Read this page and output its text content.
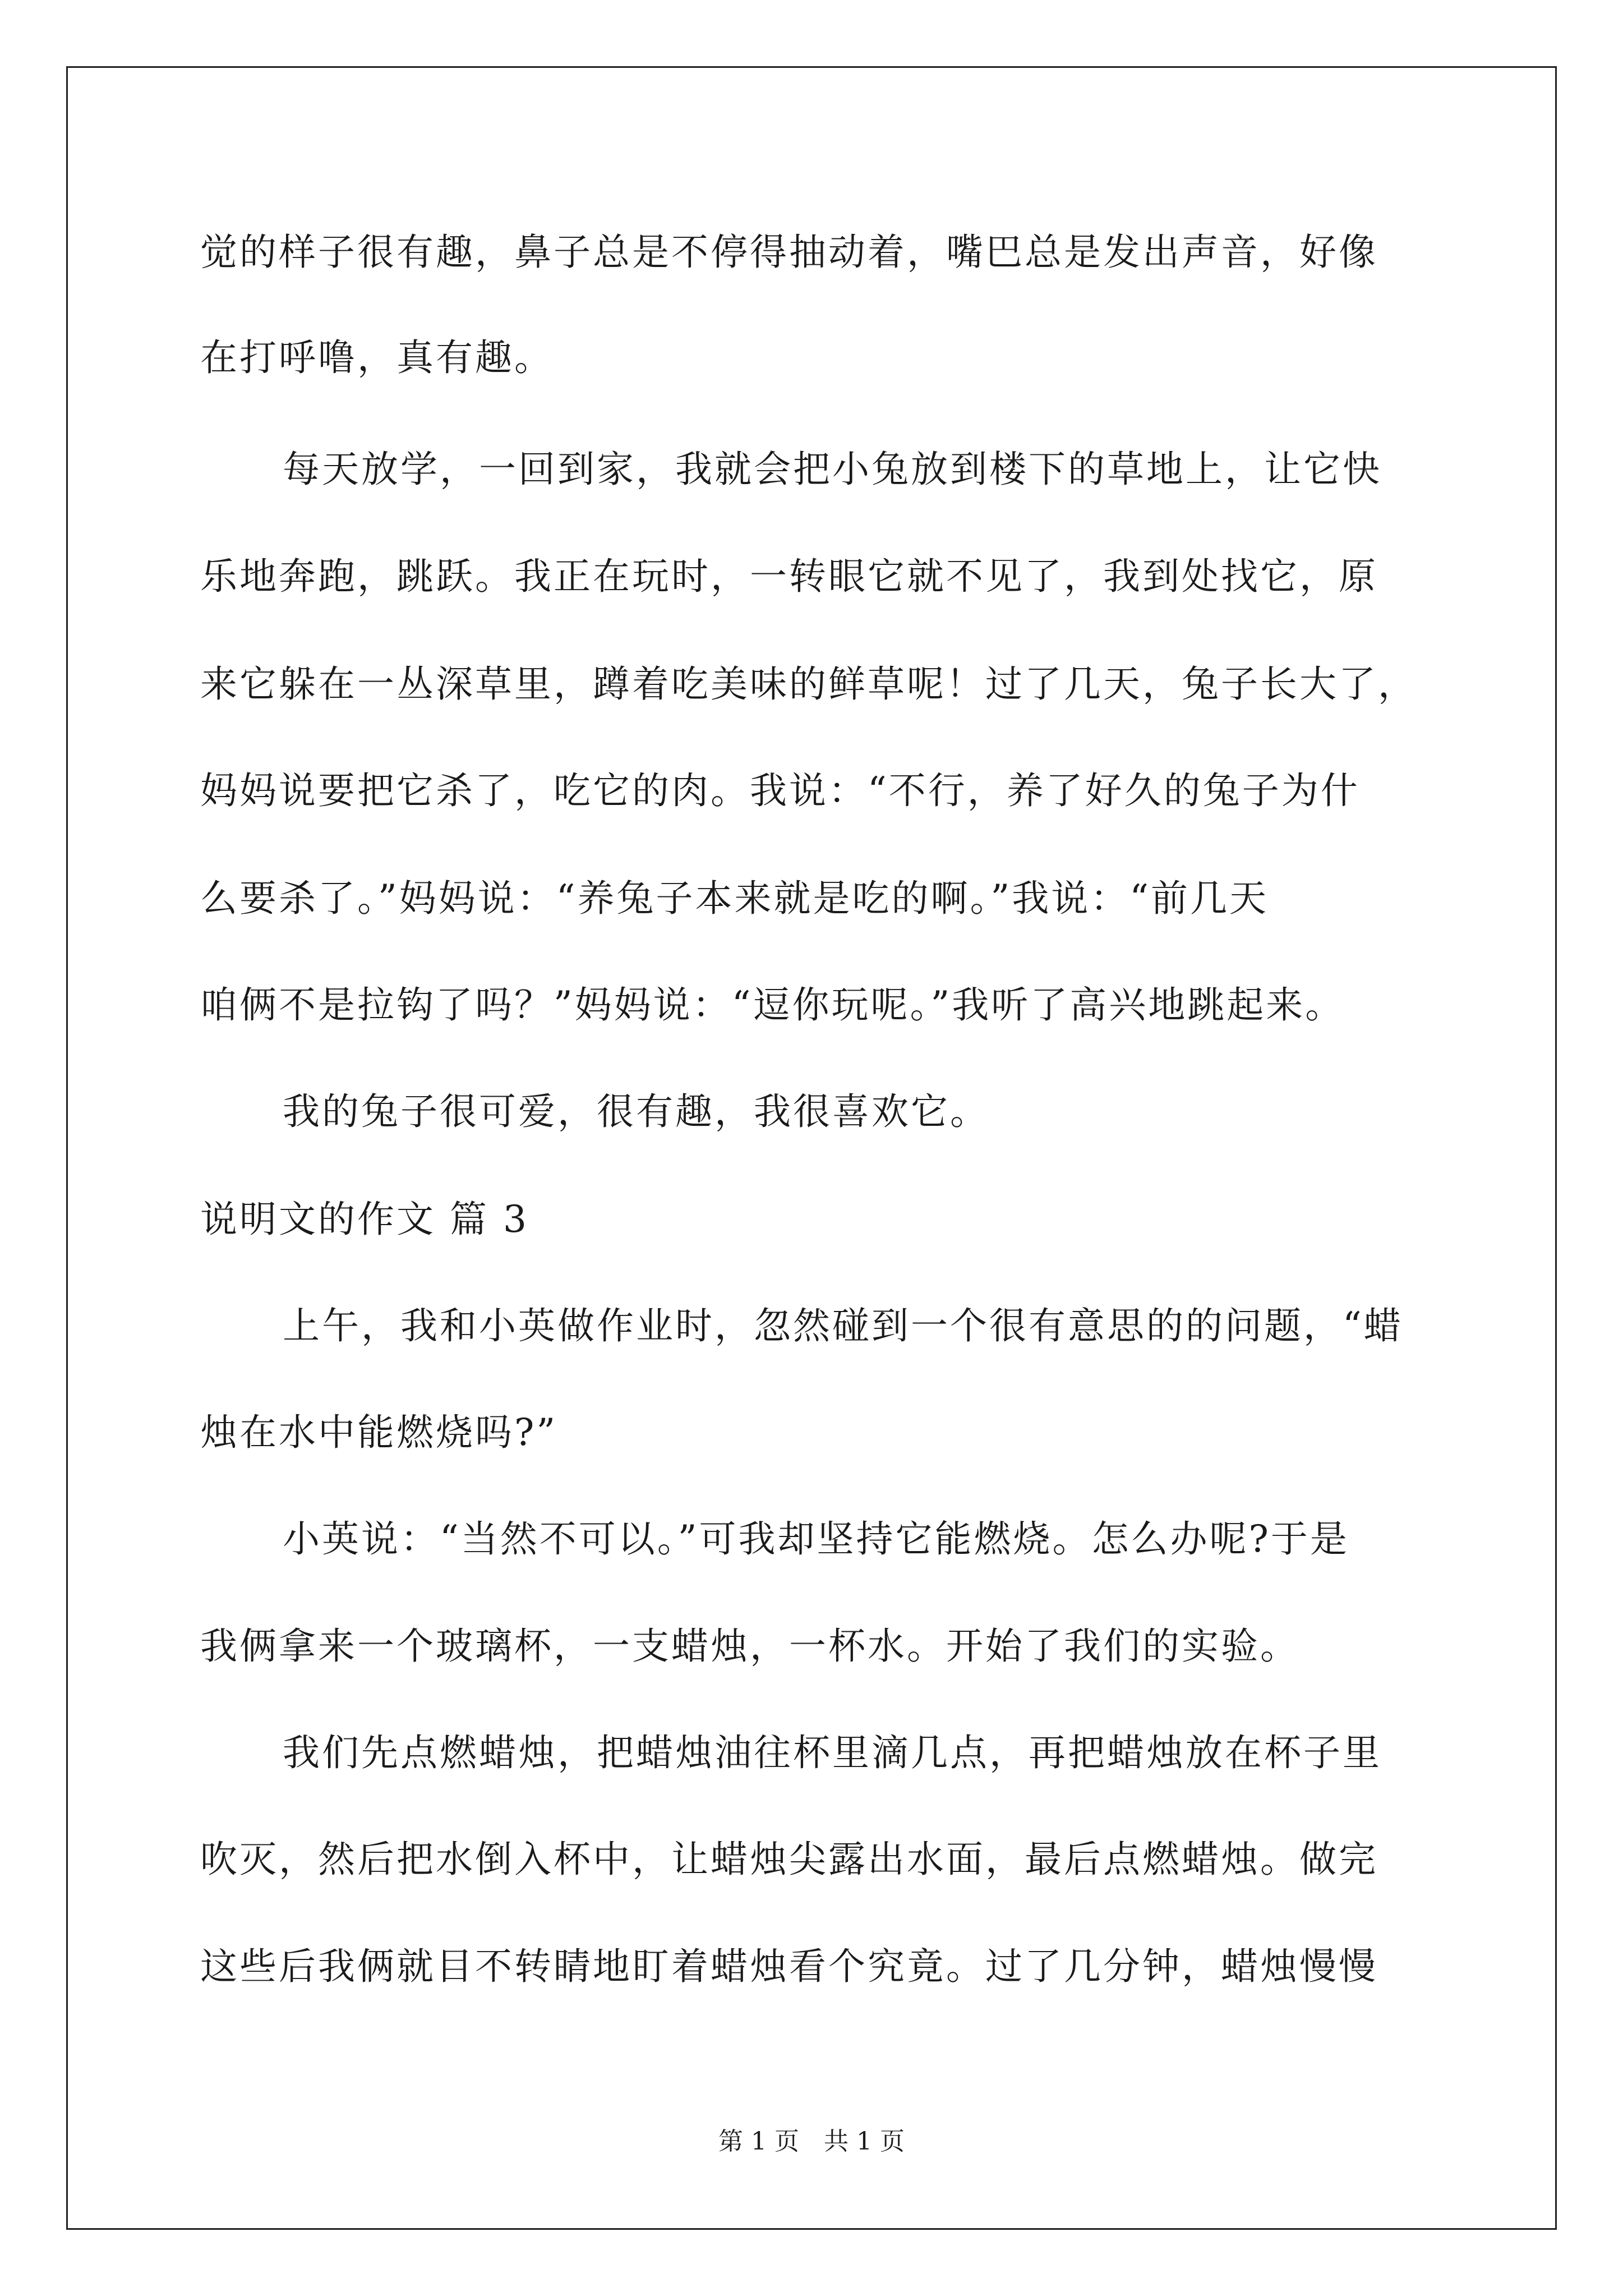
觉的样子很有趣，鼻子总是不停得抽动着，嘴巴总是发出声音，好像
在打呼噜，真有趣。
每天放学，一回到家，我就会把小兔放到楼下的草地上，让它快
乐地奔跑，跳跃。我正在玩时，一转眼它就不见了，我到处找它，原
来它躲在一丛深草里，蹲着吃美味的鲜草呢！过了几天，兔子长大了，
妈妈说要把它杀了，吃它的肉。我说：“不行，养了好久的兔子为什
么要杀了。”妈妈说：“养兔子本来就是吃的啊。”我说：“前几天
咱俩不是拉钩了吗？”妈妈说：“逗你玩呢。”我听了高兴地跳起来。
我的兔子很可爱，很有趣，我很喜欢它。
说明文的作文 篇 3
上午，我和小英做作业时，忽然碰到一个很有意思的的问题，“蜡
烛在水中能燃烧吗?”
小英说：“当然不可以。”可我却坚持它能燃烧。怎么办呢?于是
我俩拿来一个玻璃杯，一支蜡烛，一杯水。开始了我们的实验。
我们先点燃蜡烛，把蜡烛油往杯里滴几点，再把蜡烛放在杯子里
吹灭，然后把水倒入杯中，让蜡烛尖露出水面，最后点燃蜡烛。做完
这些后我俩就目不转睛地盯着蜡烛看个究竟。过了几分钟，蜡烛慢慢
第 1 页 共 1 页
